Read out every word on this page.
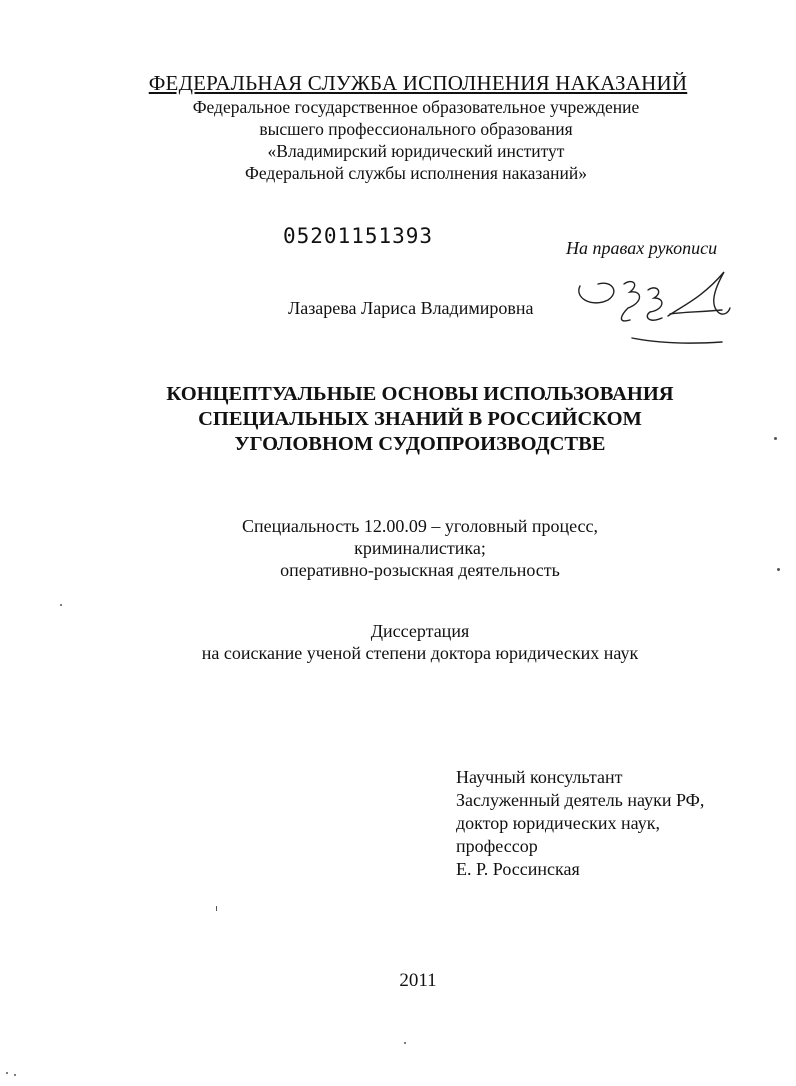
ФЕДЕРАЛЬНАЯ СЛУЖБА ИСПОЛНЕНИЯ НАКАЗАНИЙ
Федеральное государственное образовательное учреждение
высшего профессионального образования
«Владимирский юридический институт
Федеральной службы исполнения наказаний»
05201151393	На правах рукописи
Лазарева Лариса Владимировна
КОНЦЕПТУАЛЬНЫЕ ОСНОВЫ ИСПОЛЬЗОВАНИЯ
СПЕЦИАЛЬНЫХ ЗНАНИЙ В РОССИЙСКОМ
УГОЛОВНОМ СУДОПРОИЗВОДСТВЕ
Специальность 12.00.09 – уголовный процесс,
криминалистика;
оперативно-розыскная деятельность
Диссертация
на соискание ученой степени доктора юридических наук
Научный консультант
Заслуженный деятель науки РФ,
доктор юридических наук,
профессор
Е. Р. Россинская
2011
